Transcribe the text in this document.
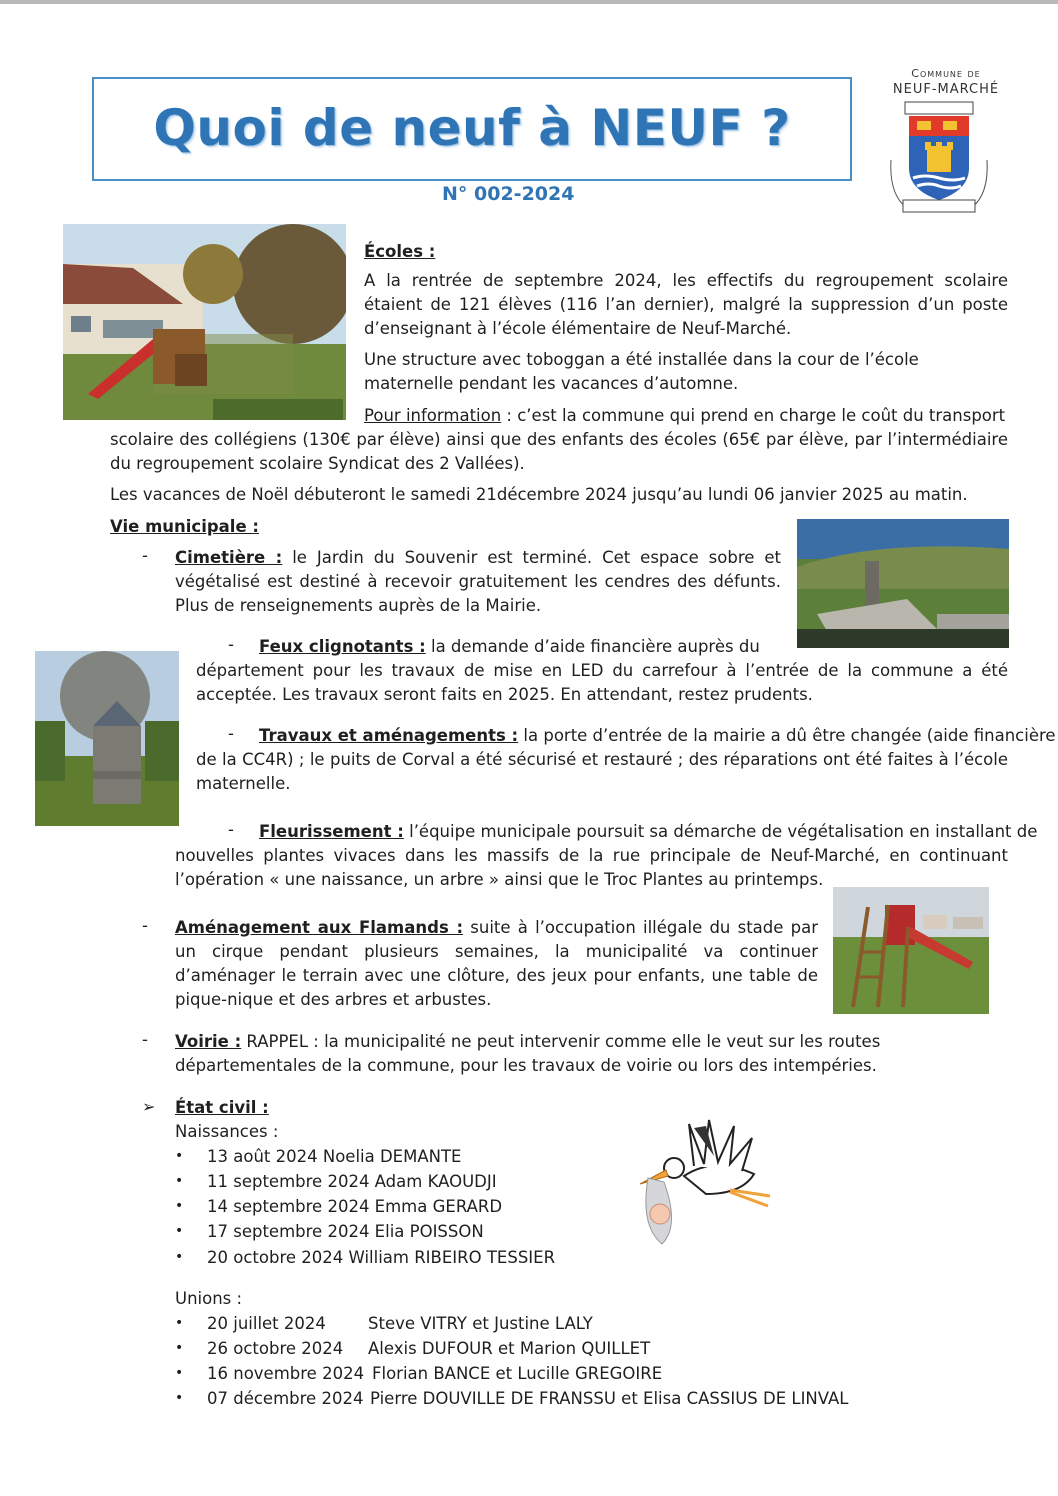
Quoi de neuf à NEUF ?
N° 002-2024
Commune de
NEUF-MARCHÉ
Écoles :

A la rentrée de septembre 2024, les effectifs du regroupement scolaire étaient de 121 élèves (116 l’an dernier), malgré la suppression d’un poste d’enseignant à l’école élémentaire de Neuf-Marché.

Une structure avec toboggan a été installée dans la cour de l’école maternelle pendant les vacances d’automne.

Pour information : c’est la commune qui prend en charge le coût du transport

scolaire des collégiens (130€ par élève) ainsi que des enfants des écoles (65€ par élève, par l’intermédiaire du regroupement scolaire Syndicat des 2 Vallées).

Les vacances de Noël débuteront le samedi 21décembre 2024 jusqu’au lundi 06 janvier 2025 au matin.

Vie municipale :
- Cimetière : le Jardin du Souvenir est terminé. Cet espace sobre et végétalisé est destiné à recevoir gratuitement les cendres des défunts. Plus de renseignements auprès de la Mairie.

- Feux clignotants : la demande d’aide financière auprès du

département pour les travaux de mise en LED du carrefour à l’entrée de la commune a été acceptée. Les travaux seront faits en 2025. En attendant, restez prudents.

- Travaux et aménagements : la porte d’entrée de la mairie a dû être changée (aide financière

de la CC4R) ; le puits de Corval a été sécurisé et restauré ; des réparations ont été faites à l’école maternelle.

- Fleurissement : l’équipe municipale poursuit sa démarche de végétalisation en installant de

nouvelles plantes vivaces dans les massifs de la rue principale de Neuf-Marché, en continuant l’opération « une naissance, un arbre » ainsi que le Troc Plantes au printemps.

- Aménagement aux Flamands : suite à l’occupation illégale du stade par un cirque pendant plusieurs semaines, la municipalité va continuer d’aménager le terrain avec une clôture, des jeux pour enfants, une table de pique-nique et des arbres et arbustes.

- Voirie : RAPPEL : la municipalité ne peut intervenir comme elle le veut sur les routes départementales de la commune, pour les travaux de voirie ou lors des intempéries.

➢ État civil :
Naissances :
• 13 août 2024 Noelia DEMANTE
• 11 septembre 2024 Adam KAOUDJI
• 14 septembre 2024 Emma GERARD
• 17 septembre 2024 Elia POISSON
• 20 octobre 2024 William RIBEIRO TESSIER
Unions :
• 20 juillet 2024	Steve VITRY et Justine LALY
• 26 octobre 2024 Alexis DUFOUR et Marion QUILLET
• 16 novembre 2024 Florian BANCE et Lucille GREGOIRE
• 07 décembre 2024 Pierre DOUVILLE DE FRANSSU et Elisa CASSIUS DE LINVAL
